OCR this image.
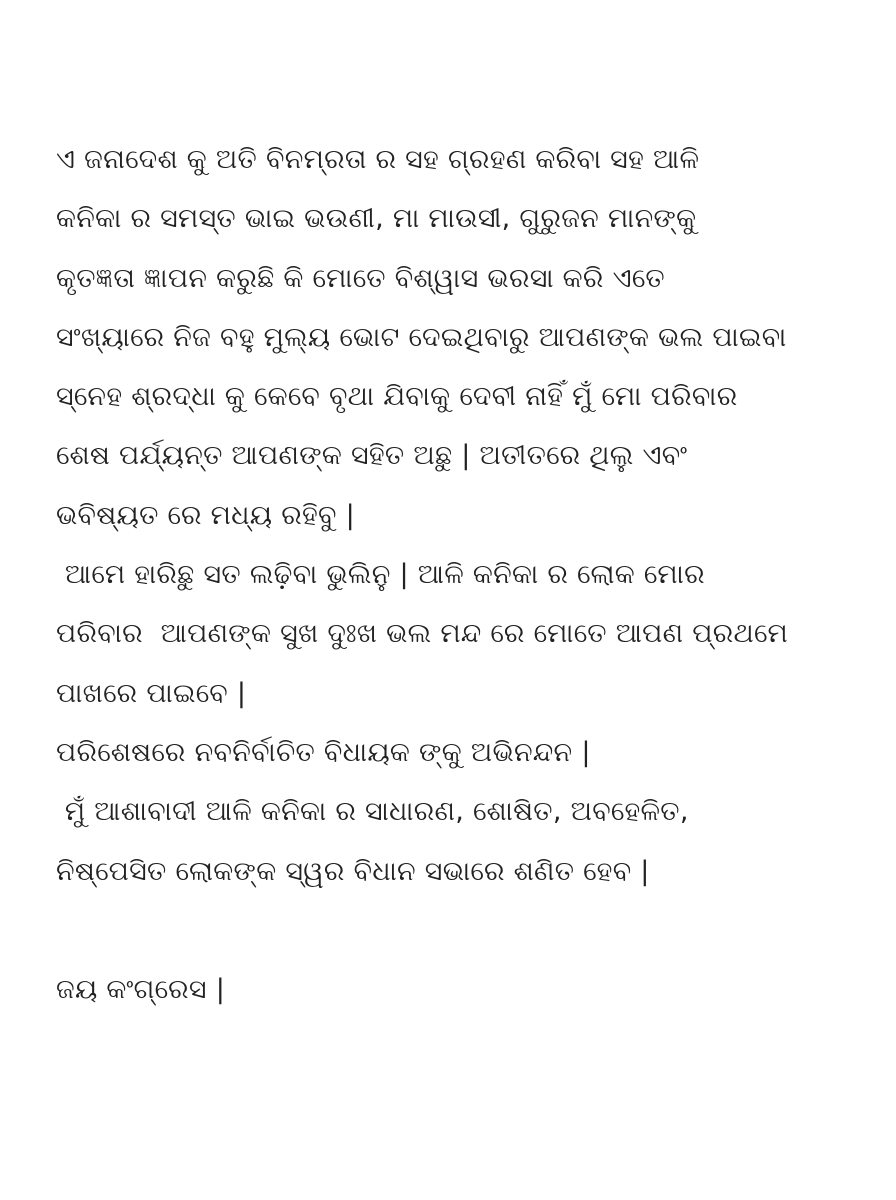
ଏ ଜନାଦେଶ କୁ ଅତି ବିନମ୍ରତା ର ସହ ଗ୍ରହଣ କରିବା ସହ ଆଳି
କନିକା ର ସମସ୍ତ ଭାଇ ଭଉଣୀ, ମା ମାଉସୀ, ଗୁରୁଜନ ମାନଙ୍କୁ
କୃତଜ୍ଞତା ଜ୍ଞାପନ କରୁଛି କି ମୋତେ ବିଶ୍ୱାସ ଭରସା କରି ଏତେ
ସଂଖ୍ୟାରେ ନିଜ ବହୁ ମୁଲ୍ୟ ଭୋଟ ଦେଇଥିବାରୁ ଆପଣଙ୍କ ଭଲ ପାଇବା
ସ୍ନେହ ଶ୍ରଦ୍ଧା କୁ କେବେ ବୃଥା ଯିବାକୁ ଦେବୀ ନାହିଁ ମୁଁ ମୋ ପରିବାର
ଶେଷ ପର୍ଯ୍ୟନ୍ତ ଆପଣଙ୍କ ସହିତ ଅଛୁ | ଅତୀତରେ ଥିଲୁ ଏବଂ
ଭବିଷ୍ୟତ ରେ ମଧ୍ୟ ରହିବୁ |
ଆମେ ହାରିଛୁ ସତ ଲଢ଼ିବା ଭୁଲିନୁ | ଆଳି କନିକା ର ଲୋକ ମୋର
ପରିବାର  ଆପଣଙ୍କ ସୁଖ ଦୁଃଖ ଭଲ ମନ୍ଦ ରେ ମୋତେ ଆପଣ ପ୍ରଥମେ
ପାଖରେ ପାଇବେ |
ପରିଶେଷରେ ନବନିର୍ବାଚିତ ବିଧାୟକ ଙ୍କୁ ଅଭିନନ୍ଦନ |
ମୁଁ ଆଶାବାଦୀ ଆଳି କନିକା ର ସାଧାରଣ, ଶୋଷିତ, ଅବହେଳିତ,
ନିଷ୍ପେସିତ ଲୋକଙ୍କ ସ୍ୱର ବିଧାନ ସଭାରେ ଶଣିତ ହେବ |
ଜୟ କଂଗ୍ରେସ |
